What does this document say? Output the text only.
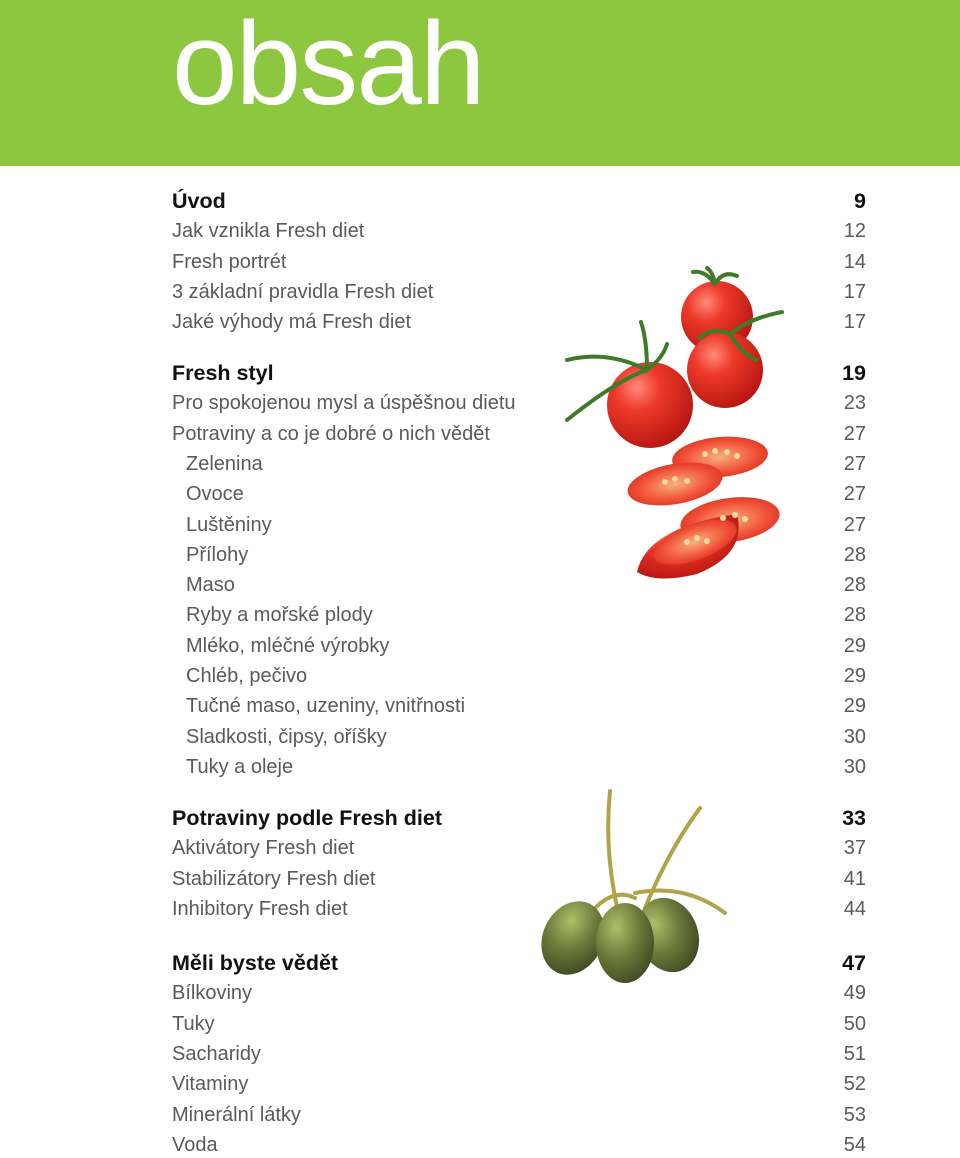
obsah
Úvod	9
Jak vznikla Fresh diet	12
Fresh portrét	14
3 základní pravidla Fresh diet	17
Jaké výhody má Fresh diet	17
Fresh styl	19
Pro spokojenou mysl a úspěšnou dietu	23
Potraviny a co je dobré o nich vědět	27
Zelenina	27
Ovoce	27
Luštěniny	27
Přílohy	28
Maso	28
Ryby a mořské plody	28
Mléko, mléčné výrobky	29
Chléb, pečivo	29
Tučné maso, uzeniny, vnitřnosti	29
Sladkosti, čipsy, oříšky	30
Tuky a oleje	30
Potraviny podle Fresh diet	33
Aktivátory Fresh diet	37
Stabilizátory Fresh diet	41
Inhibitory Fresh diet	44
Měli byste vědět	47
Bílkoviny	49
Tuky	50
Sacharidy	51
Vitaminy	52
Minerální látky	53
Voda	54
